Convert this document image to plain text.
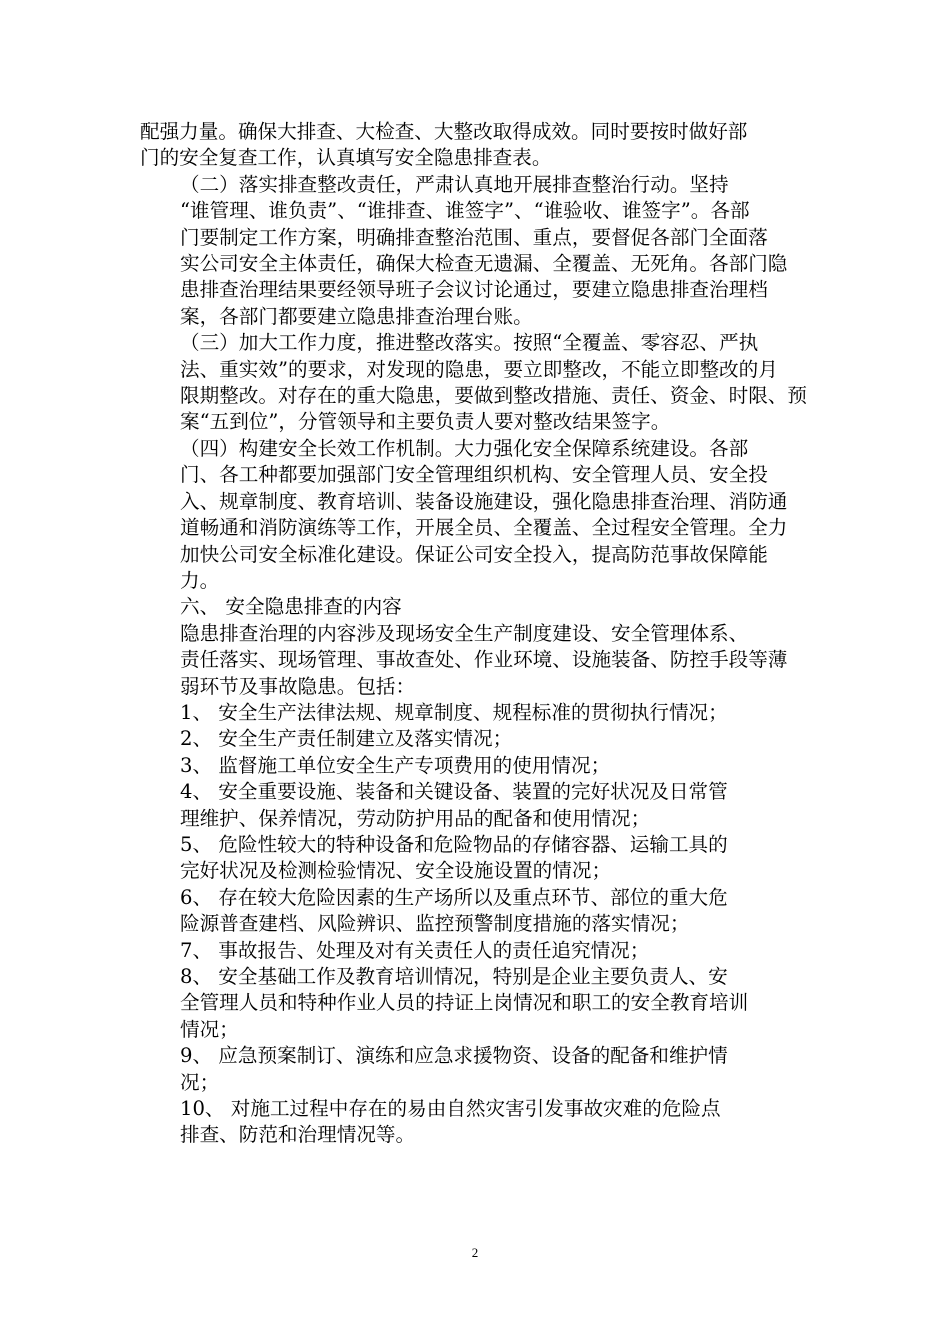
配强力量。确保大排查、大检查、大整改取得成效。同时要按时做好部
门的安全复查工作，认真填写安全隐患排查表。

（二）落实排查整改责任，严肃认真地开展排查整治行动。坚持
“谁管理、谁负责”、“谁排查、谁签字”、“谁验收、谁签字”。各部
门要制定工作方案，明确排查整治范围、重点，要督促各部门全面落
实公司安全主体责任，确保大检查无遗漏、全覆盖、无死角。各部门隐
患排查治理结果要经领导班子会议讨论通过，要建立隐患排查治理档
案，各部门都要建立隐患排查治理台账。

（三）加大工作力度，推进整改落实。按照“全覆盖、零容忍、严执
法、重实效”的要求，对发现的隐患，要立即整改，不能立即整改的月
限期整改。对存在的重大隐患，要做到整改措施、责任、资金、时限、预
案“五到位”，分管领导和主要负责人要对整改结果签字。

（四）构建安全长效工作机制。大力强化安全保障系统建设。各部
门、各工种都要加强部门安全管理组织机构、安全管理人员、安全投
入、规章制度、教育培训、装备设施建设，强化隐患排查治理、消防通
道畅通和消防演练等工作，开展全员、全覆盖、全过程安全管理。全力
加快公司安全标准化建设。保证公司安全投入，提高防范事故保障能
力。

六、 安全隐患排查的内容

隐患排查治理的内容涉及现场安全生产制度建设、安全管理体系、
责任落实、现场管理、事故查处、作业环境、设施装备、防控手段等薄
弱环节及事故隐患。包括：

1、 安全生产法律法规、规章制度、规程标准的贯彻执行情况；

2、 安全生产责任制建立及落实情况；

3、 监督施工单位安全生产专项费用的使用情况；

4、 安全重要设施、装备和关键设备、装置的完好状况及日常管
理维护、保养情况，劳动防护用品的配备和使用情况；

5、 危险性较大的特种设备和危险物品的存储容器、运输工具的
完好状况及检测检验情况、安全设施设置的情况；

6、 存在较大危险因素的生产场所以及重点环节、部位的重大危
险源普查建档、风险辨识、监控预警制度措施的落实情况；

7、 事故报告、处理及对有关责任人的责任追究情况；

8、 安全基础工作及教育培训情况，特别是企业主要负责人、安
全管理人员和特种作业人员的持证上岗情况和职工的安全教育培训
情况；

9、 应急预案制订、演练和应急求援物资、设备的配备和维护情
况；

10、 对施工过程中存在的易由自然灾害引发事故灾难的危险点
排查、防范和治理情况等。

2
